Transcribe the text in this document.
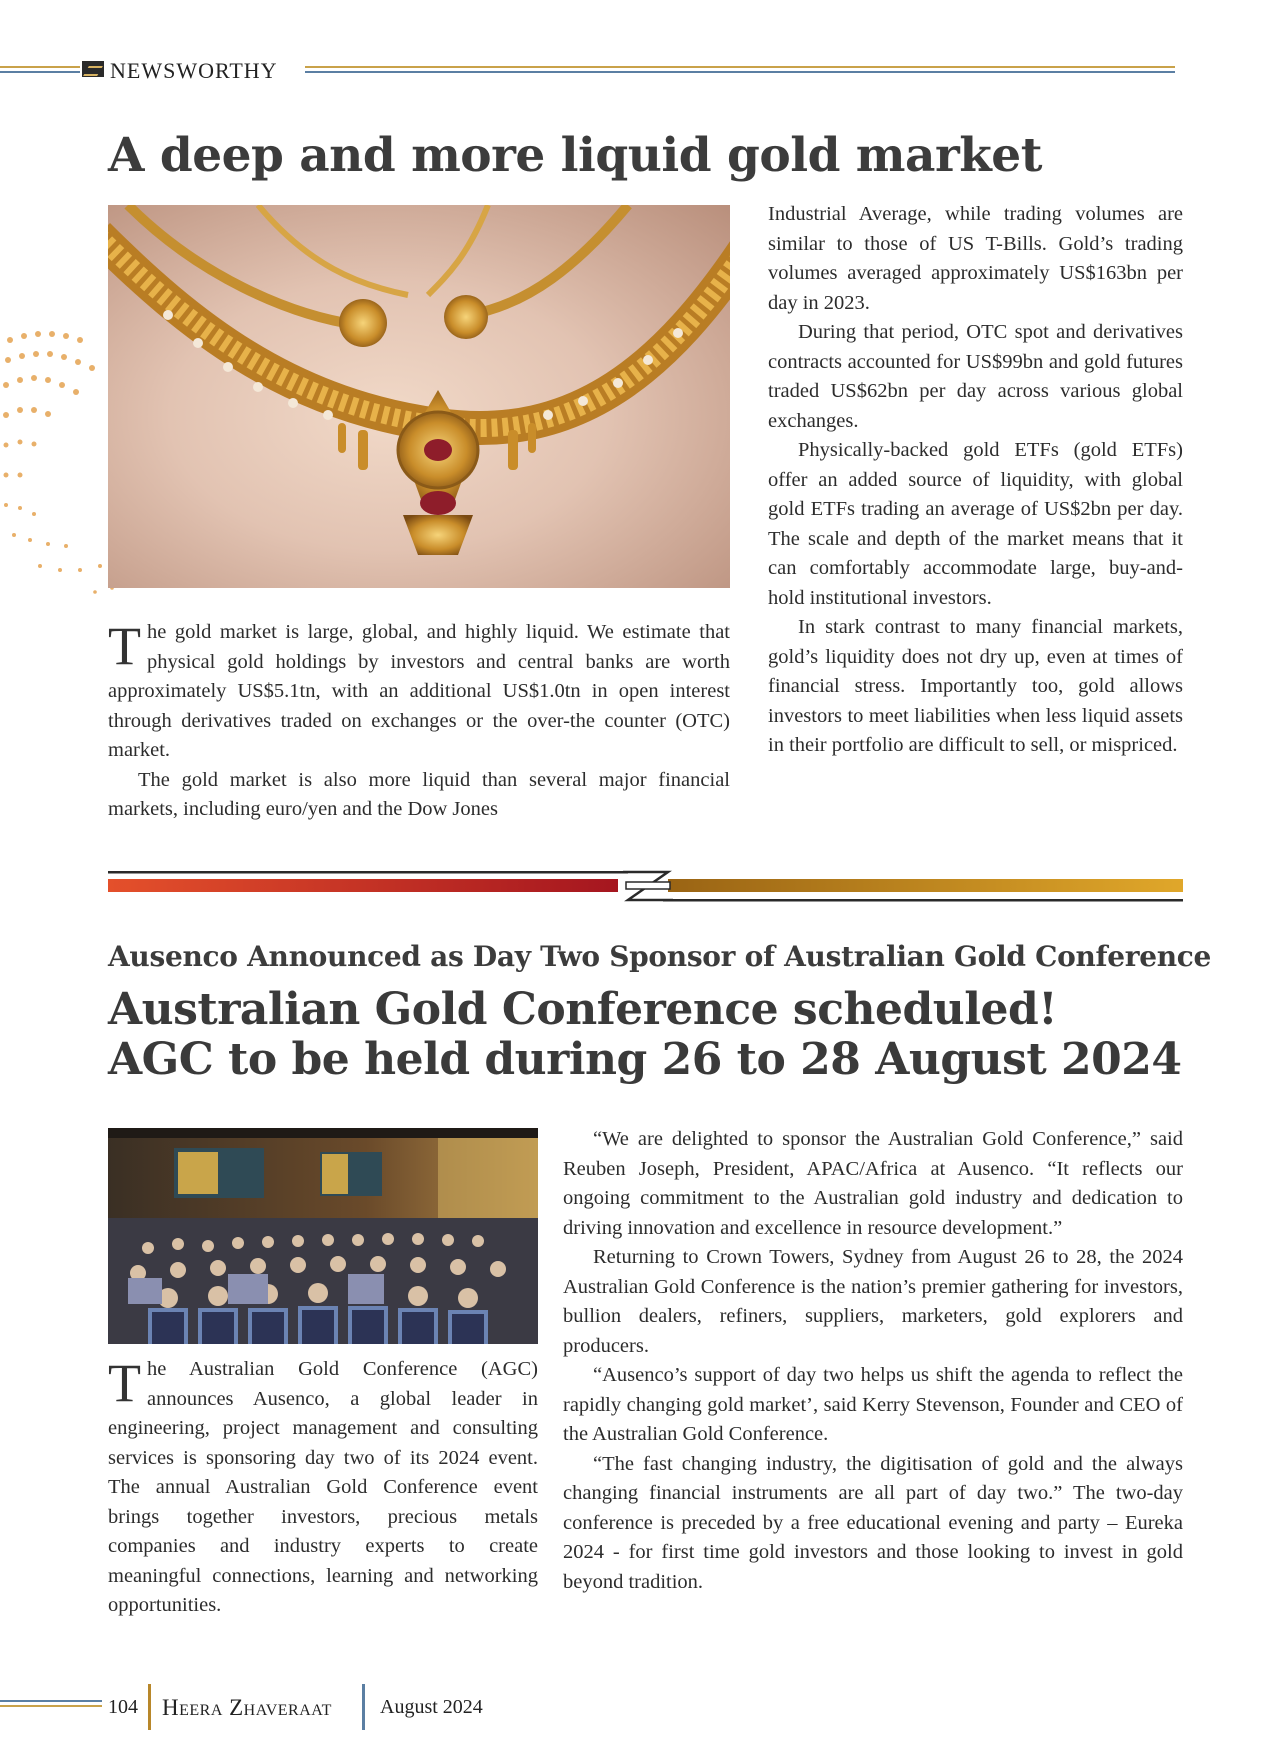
NEWSWORTHY
A deep and more liquid gold market

T he gold market is large, global, and highly liquid. We estimate that physical gold holdings by investors and central banks are worth approximately US$5.1tn, with an additional US$1.0tn in open interest through derivatives traded on exchanges or the over-the counter (OTC) market.

The gold market is also more liquid than several major financial markets, including euro/yen and the Dow Jones

Industrial Average, while trading volumes are similar to those of US T-Bills. Gold’s trading volumes averaged approximately US$163bn per day in 2023.

During that period, OTC spot and derivatives contracts accounted for US$99bn and gold futures traded US$62bn per day across various global exchanges.

Physically-backed gold ETFs (gold ETFs) offer an added source of liquidity, with global gold ETFs trading an average of US$2bn per day. The scale and depth of the market means that it can comfortably accommodate large, buy-and-hold institutional investors.

In stark contrast to many financial markets, gold’s liquidity does not dry up, even at times of financial stress. Importantly too, gold allows investors to meet liabilities when less liquid assets in their portfolio are difficult to sell, or mispriced.

Ausenco Announced as Day Two Sponsor of Australian Gold Conference
Australian Gold Conference scheduled!
AGC to be held during 26 to 28 August 2024

T he Australian Gold Conference (AGC) announces Ausenco, a global leader in engineering, project management and consulting services is sponsoring day two of its 2024 event. The annual Australian Gold Conference event brings together investors, precious metals companies and industry experts to create meaningful connections, learning and networking opportunities.

“We are delighted to sponsor the Australian Gold Conference,” said Reuben Joseph, President, APAC/Africa at Ausenco. “It reflects our ongoing commitment to the Australian gold industry and dedication to driving innovation and excellence in resource development.”

Returning to Crown Towers, Sydney from August 26 to 28, the 2024 Australian Gold Conference is the nation’s premier gathering for investors, bullion dealers, refiners, suppliers, marketers, gold explorers and producers.

“Ausenco’s support of day two helps us shift the agenda to reflect the rapidly changing gold market’, said Kerry Stevenson, Founder and CEO of the Australian Gold Conference.

“The fast changing industry, the digitisation of gold and the always changing financial instruments are all part of day two.” The two-day conference is preceded by a free educational evening and party – Eureka 2024 - for first time gold investors and those looking to invest in gold beyond tradition.

104 Heera Zhaveraat August 2024
